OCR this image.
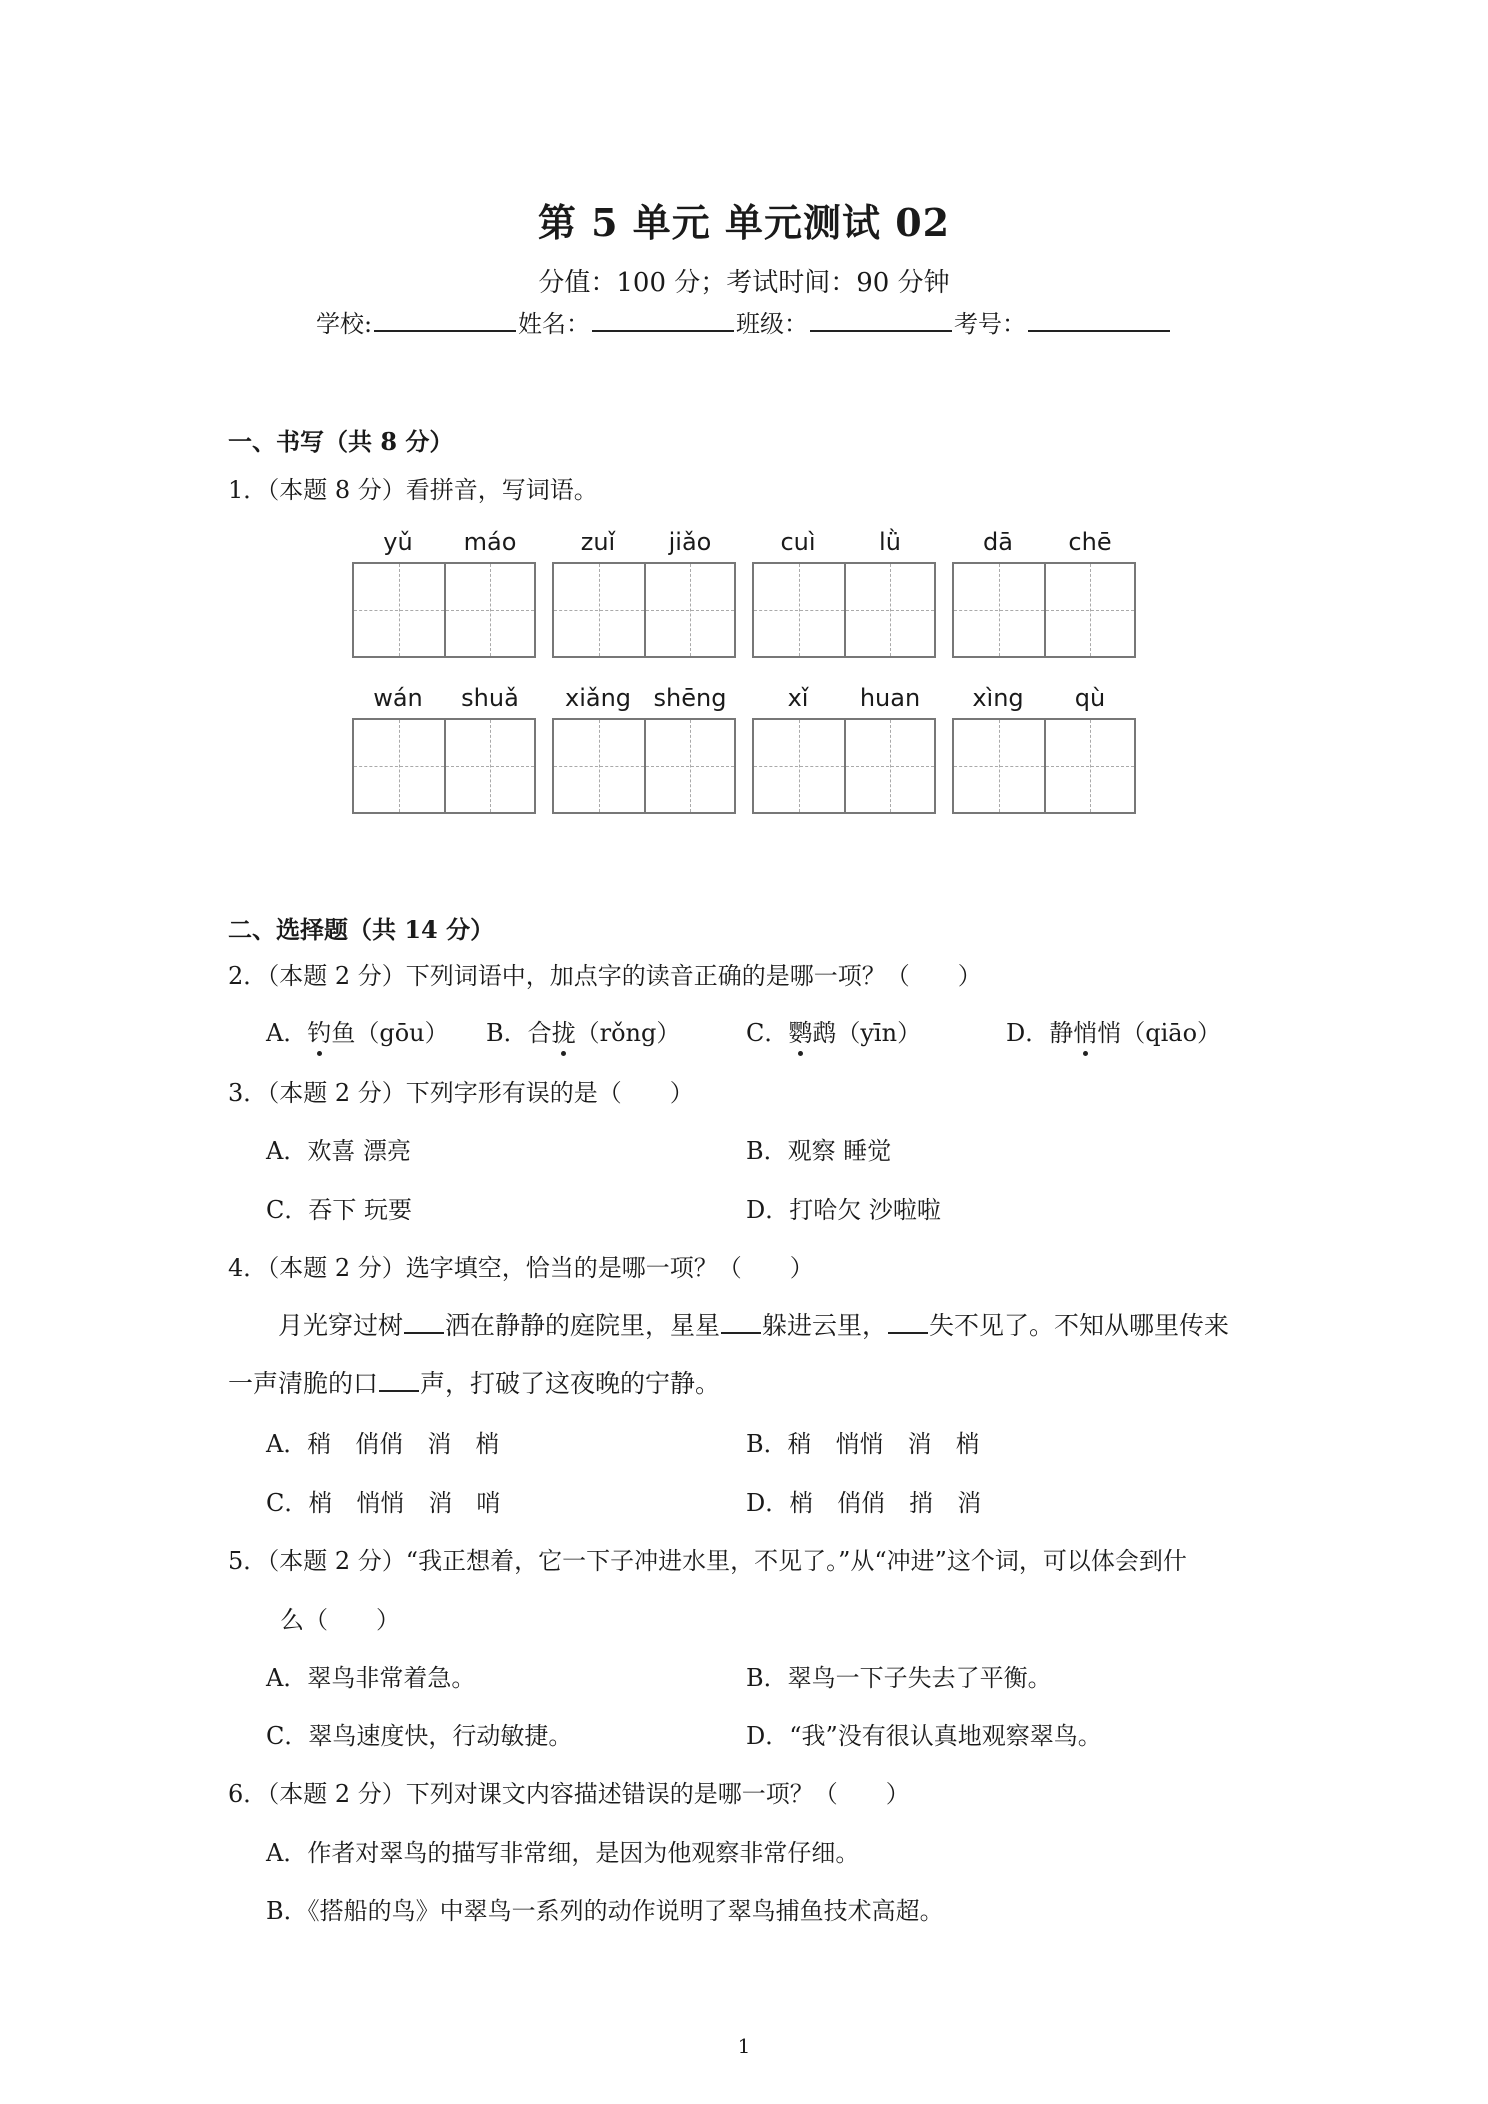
第 5 单元 单元测试 02
分值：100 分；考试时间：90 分钟
学校:	姓名：	班级：	考号：
一、书写（共 8 分）
1．（本题 8 分）看拼音，写词语。
yǔ	máo	zuǐ	jiǎo	cuì	lǜ	dā	chē
wán	shuǎ	xiǎng shēng	xǐ	huan	xìng	qù
二、选择题（共 14 分）
2．（本题 2 分）下列词语中，加点字的读音正确的是哪一项？（　　）
A．钓鱼（gōu） B．合拢（rǒng）	C．鹦鹉（yīn）	D．静悄悄（qiāo）
3．（本题 2 分）下列字形有误的是（　　）
A．欢喜 漂亮	B．观察 睡觉
C．吞下 玩要	D．打哈欠 沙啦啦
4．（本题 2 分）选字填空，恰当的是哪一项？（　　）
月光穿过树 洒在静静的庭院里，星星 躲进云里， 失不见了。不知从哪里传来
一声清脆的口 声，打破了这夜晚的宁静。
A．稍　俏俏　消　梢	B．稍　悄悄　消　梢
C．梢　悄悄　消　哨	D．梢　俏俏　捎　消
5．（本题 2 分）“我正想着，它一下子冲进水里，不见了。”从“冲进”这个词，可以体会到什
么（　　）
A．翠鸟非常着急。	B．翠鸟一下子失去了平衡。
C．翠鸟速度快，行动敏捷。	D．“我”没有很认真地观察翠鸟。
6．（本题 2 分）下列对课文内容描述错误的是哪一项？（　　）
A．作者对翠鸟的描写非常细，是因为他观察非常仔细。
B．《搭船的鸟》中翠鸟一系列的动作说明了翠鸟捕鱼技术高超。
1
